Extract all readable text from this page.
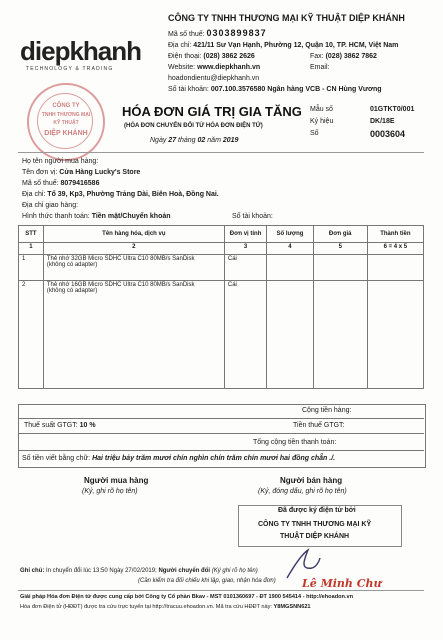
diepkhanh
TECHNOLOGY & TRADING
CÔNG TY TNHH THƯƠNG MẠI KỸ THUẬT DIỆP KHÁNH
Mã số thuế: 0303899837
Địa chỉ: 421/11 Sư Vạn Hạnh, Phường 12, Quận 10, TP. HCM, Việt Nam
Điện thoại: (028) 3862 2626	Fax: (028) 3862 7862
Website: www.diepkhanh.vn	Email:
hoadondientu@diepkhanh.vn
Số tài khoản: 007.100.3576580 Ngân hàng VCB - CN Hùng Vương
CÔNG TY
TNHH THƯƠNG MẠI
KỸ THUẬT
DIỆP KHÁNH
HÓA ĐƠN GIÁ TRỊ GIA TĂNG
(HÓA ĐƠN CHUYỂN ĐỔI TỪ HÓA ĐƠN ĐIỆN TỬ)
Ngày 27 tháng 02 năm 2019
Mẫu số	01GTKT0/001
Ký hiệu	DK/18E
Số	0003604
Họ tên người mua hàng:
Tên đơn vị: Cửa Hàng Lucky's Store
Mã số thuế: 8079416586
Địa chỉ: Tổ 39, Kp3, Phường Trảng Dài, Biên Hoà, Đồng Nai.
Địa chỉ giao hàng:
Hình thức thanh toán: Tiền mặt/Chuyển khoản	Số tài khoản:
STT	Tên hàng hóa, dịch vụ	Đơn vị tính	Số lượng	Đơn giá	Thành tiền
1	2	3	4	5	6 = 4 x 5
1	Thẻ nhớ 32GB Micro SDHC Ultra C10 80MB/s SanDisk
(không có adapter)	Cái			
2	Thẻ nhớ 16GB Micro SDHC Ultra C10 80MB/s SanDisk
(không có adapter)	Cái			
Cộng tiền hàng:
Thuế suất GTGT: 10 %	Tiền thuế GTGT:
Tổng cộng tiền thanh toán:
Số tiền viết bằng chữ: Hai triệu bảy trăm mươi chín nghìn chín trăm chín mươi hai đồng chẵn ./.
Người mua hàng
(Ký, ghi rõ họ tên)
Người bán hàng
(Ký, đóng dấu, ghi rõ họ tên)
Đã được ký điện tử bởi
CÔNG TY TNHH THƯƠNG MẠI KỸ
THUẬT DIỆP KHÁNH
Ghi chú: In chuyển đổi lúc 13:50 Ngày 27/02/2019; Người chuyển đổi (Ký ghi rõ họ tên)
(Cần kiểm tra đối chiếu khi lập, giao, nhận hóa đơn) Lê Minh Chư
Giải pháp Hóa đơn Điện tử được cung cấp bởi Công ty Cổ phần Bkav - MST 0101360697 - ĐT 1900 545414 - http://ehoadon.vn
Hóa đơn Điện tử (HĐĐT) được tra cứu trực tuyến tại http://tracuu.ehoadon.vn. Mã tra cứu HĐĐT này: Y8MGSNN621
